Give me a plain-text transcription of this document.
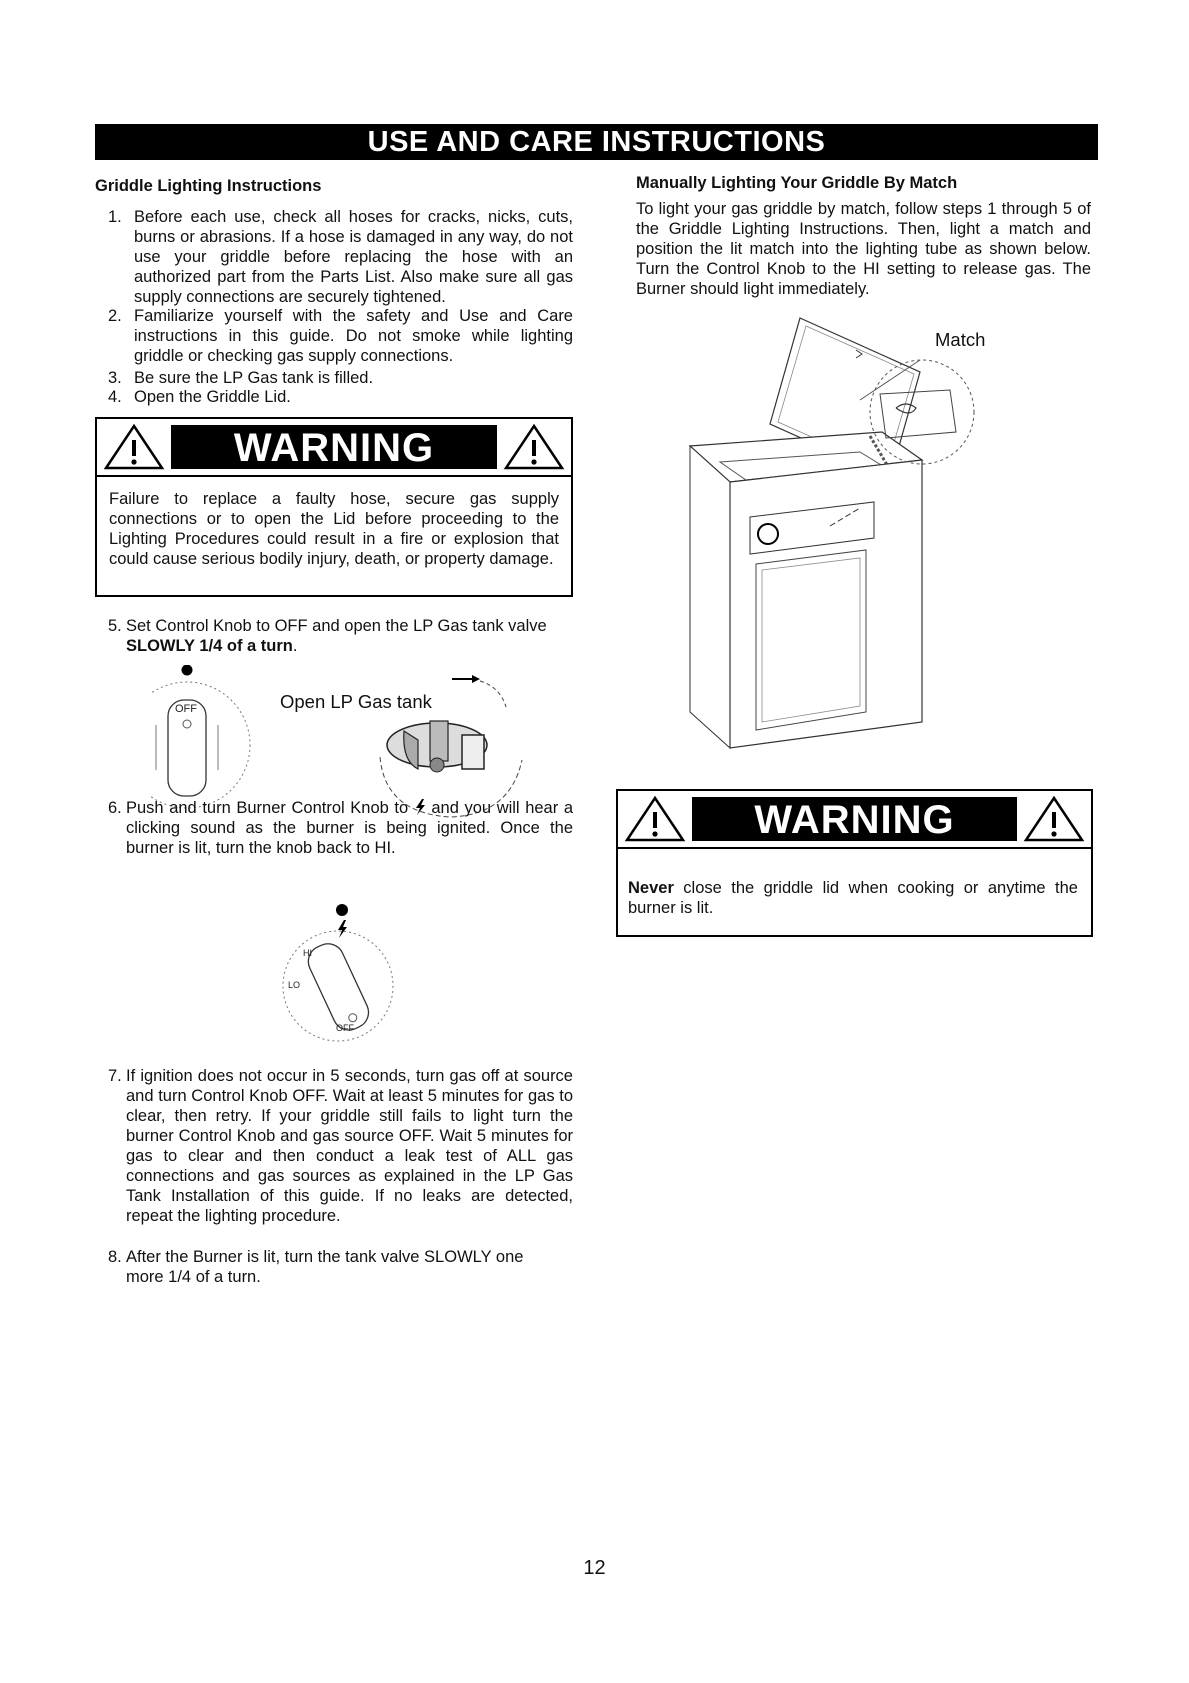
USE AND CARE INSTRUCTIONS
Griddle Lighting Instructions
1. Before each use, check all hoses for cracks, nicks, cuts, burns or abrasions. If a hose is damaged in any way, do not use your griddle before replacing the hose with an authorized part from the Parts List. Also make sure all gas supply connections are securely tightened.
2. Familiarize yourself with the safety and Use and Care instructions in this guide. Do not smoke while lighting griddle or checking gas supply connections.
3. Be sure the LP Gas tank is filled.
4. Open the Griddle Lid.
WARNING
Failure to replace a faulty hose, secure gas supply connections or to open the Lid before proceeding to the Lighting Procedures could result in a fire or explosion that could cause serious bodily injury, death, or property damage.
5. Set Control Knob to OFF and open the LP Gas tank valve SLOWLY 1/4 of a turn.
OFF	Open LP Gas tank
6. Push and turn Burner Control Knob to  and you will hear a clicking sound as the burner is being ignited. Once the burner is lit, turn the knob back to HI.
HI
LO
OFF
7. If ignition does not occur in 5 seconds, turn gas off at source and turn Control Knob OFF. Wait at least 5 minutes for gas to clear, then retry. If your griddle still fails to light turn the burner Control Knob and gas source OFF. Wait 5 minutes for gas to clear and then conduct a leak test of ALL gas connections and gas sources as explained in the LP Gas Tank Installation of this guide. If no leaks are detected, repeat the lighting procedure.
8. After the Burner is lit, turn the tank valve SLOWLY one more 1/4 of a turn.
Manually Lighting Your Griddle By Match
To light your gas griddle by match, follow steps 1 through 5 of the Griddle Lighting Instructions. Then, light a match and position the lit match into the lighting tube as shown below. Turn the Control Knob to the HI setting to release gas. The Burner should light immediately.
Match
WARNING
Never close the griddle lid when cooking or anytime the burner is lit.
12
